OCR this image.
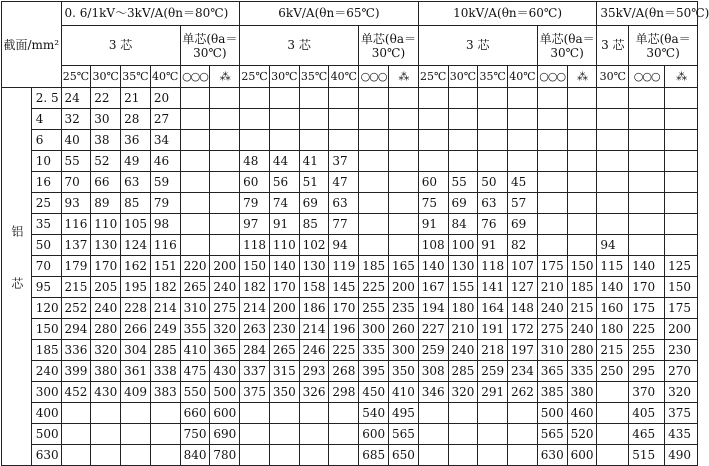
截面/mm²		0. 6/1kV～3kV/A(θn＝80℃)						6kV/A(θn＝65℃)						10kV/A(θn＝60℃)						35kV/A(θn＝50℃)		
		3 芯				单芯(θa＝30℃)		3 芯				单芯(θa＝30℃)		3 芯				单芯(θa＝30℃)		3 芯	单芯(θa＝30℃)	
		25℃	30℃	35℃	40℃	○○○	⁂	25℃	30℃	35℃	40℃	○○○	⁂	25℃	30℃	35℃	40℃	○○○	⁂	30℃	○○○	⁂
铝芯	2. 5	24	22	21	20																		
	4	32	30	28	27																		
	6	40	38	36	34																		
	10	55	52	49	46			48	44	41	37												
	16	70	66	63	59			60	56	51	47			60	55	50	45						
	25	93	89	85	79			79	74	69	63			75	69	63	57						
	35	116	110	105	98			97	91	85	77			91	84	76	69						
	50	137	130	124	116			118	110	102	94			108	100	91	82			94			
	70	179	170	162	151	220	200	150	140	130	119	185	165	140	130	118	107	175	150	115	140		125
	95	215	205	195	182	265	240	182	170	158	145	225	200	167	155	141	127	210	185	140	170		150
	120	252	240	228	214	310	275	214	200	186	170	255	235	194	180	164	148	240	215	160	175		175
	150	294	280	266	249	355	320	263	230	214	196	300	260	227	210	191	172	275	240	180	225		200
	185	336	320	304	285	410	365	284	265	246	225	335	300	259	240	218	197	310	280	215	255		230
	240	399	380	361	338	475	430	337	315	293	268	395	350	308	285	259	234	365	335	250	295		270
	300	452	430	409	383	550	500	375	350	326	298	450	410	346	320	291	262	385	380		370		320
	400					660	600					540	495					500	460		405		375
	500					750	690					600	565					565	520		465		435
	630					840	780					685	650					630	600		515		490
